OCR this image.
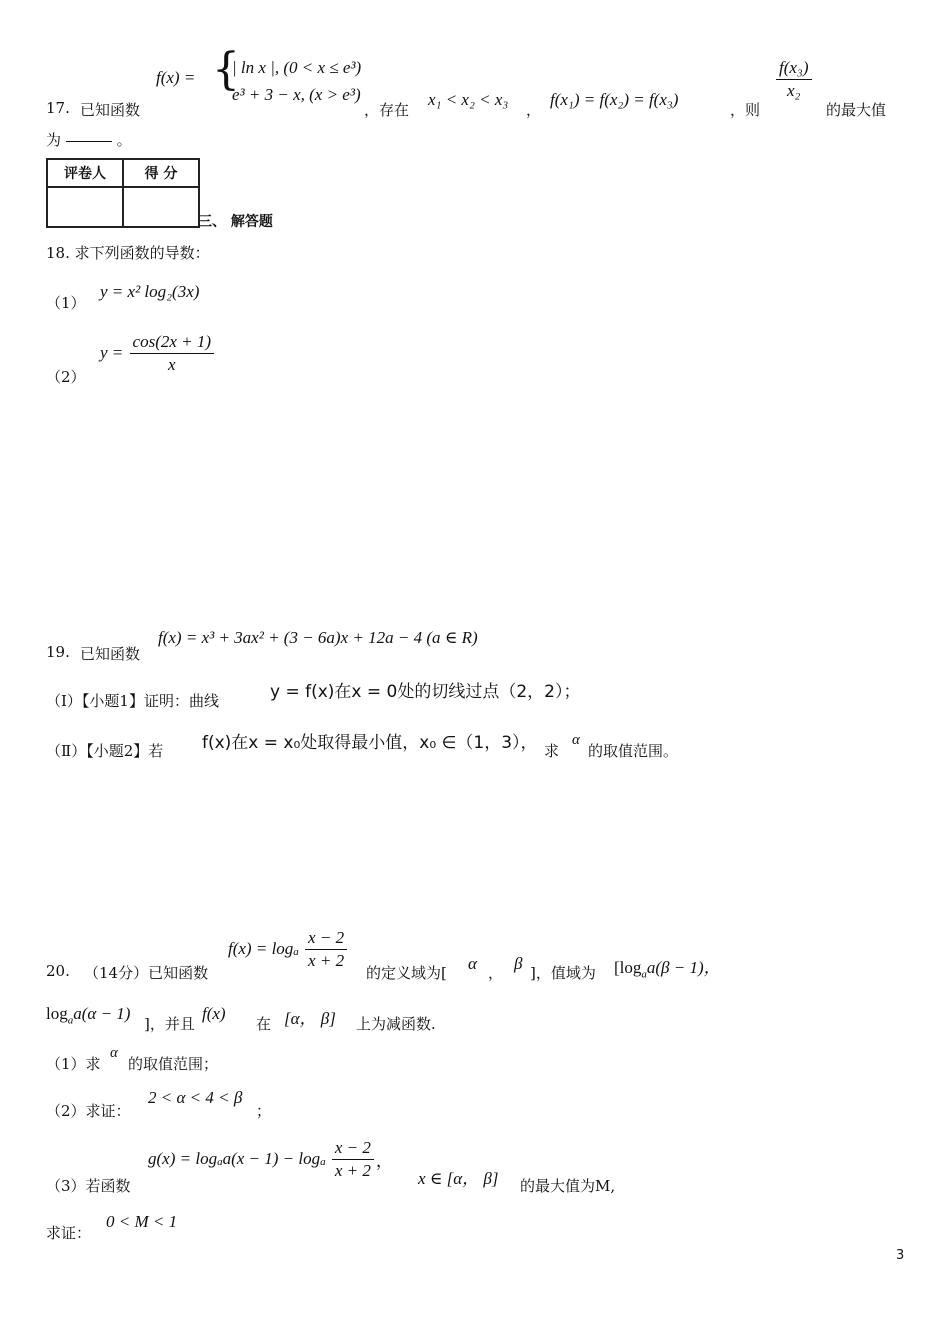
17. 已知函数
f(x) = {
| ln x |, (0 < x ≤ e³)
e³ + 3 − x, (x > e³)
，存在
x₁ < x₂ < x₃
，
f(x₁) = f(x₂) = f(x₃)
，则
$\frac{\text{f(x₃)}}{\text{x₂}}$
的最大值
为	。
评卷人	得 分

三、 解答题
18. 求下列函数的导数：
（1）
y = x² log₂(3x)
（2）
$y = \frac{\cos(2x + 1)}{x}$
19. 已知函数
f(x) = x³ + 3ax² + (3 − 6a)x + 12a − 4 (a ∈ R)
（Ⅰ）【小题1】证明：曲线	y = f(x)在x = 0处的切线过点（2，2）；
（Ⅱ）【小题2】若 f(x)在x = x₀处取得最小值，x₀ ∈（1，3）， 求
α
的取值范围。
20. （14分）已知函数
$f(x) = \log_a \frac{x - 2}{x + 2}$
的定义域为[ α ， β ]，值域为 [$\log_aa(\beta - 1)$，
$\log_aa(\alpha - 1)$
]，并且
f(x)
在 [α， β] 上为减函数.
（1）求
α
的取值范围；
（2）求证：
2 < α < 4 < β
；
（3）若函数
$g(x) = \log_aa(x - 1) - \log_a \frac{x - 2}{x + 2}$ ，
x ∈ [α， β] 的最大值为M,
求证：
0 < M < 1
3
